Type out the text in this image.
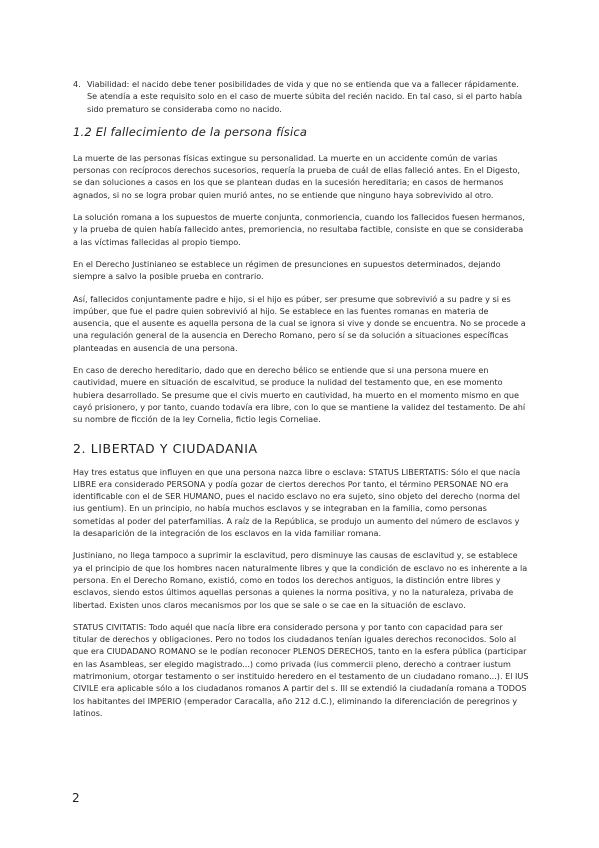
4. Viabilidad: el nacido debe tener posibilidades de vida y que no se entienda que va a fallecer rápidamente. Se atendía a este requisito solo en el caso de muerte súbita del recién nacido. En tal caso, si el parto había sido prematuro se consideraba como no nacido.

1.2 El fallecimiento de la persona física

La muerte de las personas físicas extingue su personalidad. La muerte en un accidente común de varias personas con recíprocos derechos sucesorios, requería la prueba de cuál de ellas falleció antes. En el Digesto, se dan soluciones a casos en los que se plantean dudas en la sucesión hereditaria; en casos de hermanos agnados, si no se logra probar quien murió antes, no se entiende que ninguno haya sobrevivido al otro.

La solución romana a los supuestos de muerte conjunta, conmoriencia, cuando los fallecidos fuesen hermanos, y la prueba de quien había fallecido antes, premoriencia, no resultaba factible, consiste en que se consideraba a las víctimas fallecidas al propio tiempo.

En el Derecho Justinianeo se establece un régimen de presunciones en supuestos determinados, dejando siempre a salvo la posible prueba en contrario.

Así, fallecidos conjuntamente padre e hijo, si el hijo es púber, ser presume que sobrevivió a su padre y si es impúber, que fue el padre quien sobrevivió al hijo. Se establece en las fuentes romanas en materia de ausencia, que el ausente es aquella persona de la cual se ignora si vive y donde se encuentra. No se procede a una regulación general de la ausencia en Derecho Romano, pero sí se da solución a situaciones específicas planteadas en ausencia de una persona.

En caso de derecho hereditario, dado que en derecho bélico se entiende que si una persona muere en cautividad, muere en situación de escalvitud, se produce la nulidad del testamento que, en ese momento hubiera desarrollado. Se presume que el civis muerto en cautividad, ha muerto en el momento mismo en que cayó prisionero, y por tanto, cuando todavía era libre, con lo que se mantiene la validez del testamento. De ahí su nombre de ficción de la ley Cornelia, fictio legis Corneliae.

2. LIBERTAD Y CIUDADANIA

Hay tres estatus que influyen en que una persona nazca libre o esclava: STATUS LIBERTATIS: Sólo el que nacía LIBRE era considerado PERSONA y podía gozar de ciertos derechos Por tanto, el término PERSONAE NO era identificable con el de SER HUMANO, pues el nacido esclavo no era sujeto, sino objeto del derecho (norma del ius gentium). En un principio, no había muchos esclavos y se integraban en la familia, como personas sometidas al poder del paterfamilias. A raíz de la República, se produjo un aumento del número de esclavos y la desaparición de la integración de los esclavos en la vida familiar romana.

Justiniano, no llega tampoco a suprimir la esclavitud, pero disminuye las causas de esclavitud y, se establece ya el principio de que los hombres nacen naturalmente libres y que la condición de esclavo no es inherente a la persona. En el Derecho Romano, existió, como en todos los derechos antiguos, la distinción entre libres y esclavos, siendo estos últimos aquellas personas a quienes la norma positiva, y no la naturaleza, privaba de libertad. Existen unos claros mecanismos por los que se sale o se cae en la situación de esclavo.

STATUS CIVITATIS: Todo aquél que nacía libre era considerado persona y por tanto con capacidad para ser titular de derechos y obligaciones. Pero no todos los ciudadanos tenían iguales derechos reconocidos. Solo al que era CIUDADANO ROMANO se le podían reconocer PLENOS DERECHOS, tanto en la esfera pública (participar en las Asambleas, ser elegido magistrado...) como privada (ius commercii pleno, derecho a contraer iustum matrimonium, otorgar testamento o ser instituido heredero en el testamento de un ciudadano romano...). El IUS CIVILE era aplicable sólo a los ciudadanos romanos A partir del s. III se extendió la ciudadanía romana a TODOS los habitantes del IMPERIO (emperador Caracalla, año 212 d.C.), eliminando la diferenciación de peregrinos y latinos.

2
